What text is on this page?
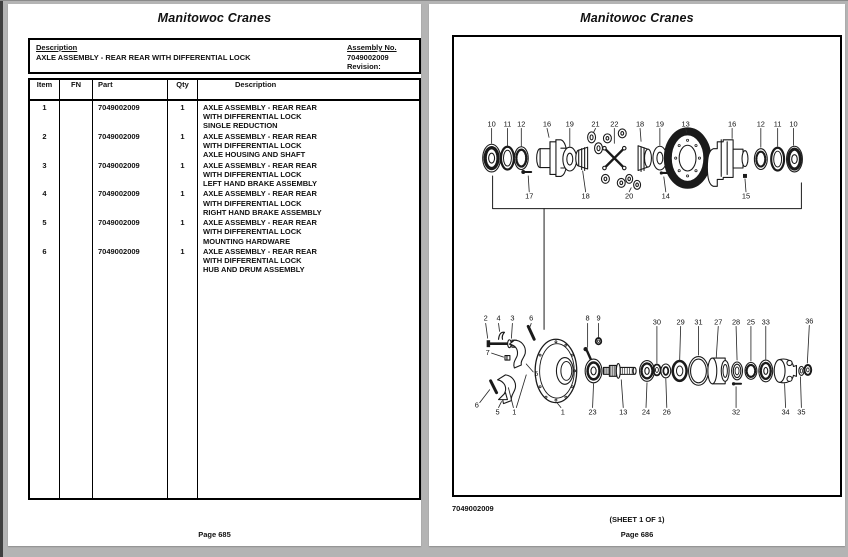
Manitowoc Cranes
Description
AXLE ASSEMBLY - REAR REAR WITH DIFFERENTIAL LOCK
Assembly No.
7049002009
Revision:
Item	FN	Part	Qty	Description
1	7049002009	1	AXLE ASSEMBLY - REAR REAR
WITH DIFFERENTIAL LOCK
SINGLE REDUCTION
2	7049002009	1	AXLE ASSEMBLY - REAR REAR
WITH DIFFERENTIAL LOCK
AXLE HOUSING AND SHAFT
3	7049002009	1	AXLE ASSEMBLY - REAR REAR
WITH DIFFERENTIAL LOCK
LEFT HAND BRAKE ASSEMBLY
4	7049002009	1	AXLE ASSEMBLY - REAR REAR
WITH DIFFERENTIAL LOCK
RIGHT HAND BRAKE ASSEMBLY
5	7049002009	1	AXLE ASSEMBLY - REAR REAR
WITH DIFFERENTIAL LOCK
MOUNTING HARDWARE
6	7049002009	1	AXLE ASSEMBLY - REAR REAR
WITH DIFFERENTIAL LOCK
HUB AND DRUM ASSEMBLY
Page 685
Manitowoc Cranes
10 11 12 16 19 21 22 18 19 13	16	12 11 10
17	18	20	14	15
2 4 3 6	8 9	30 29 31 27 28 25 33	36
7
5
6
5 1	1	23	13 24 26	32	34 35
7049002009
(SHEET 1 OF 1)
Page 686
